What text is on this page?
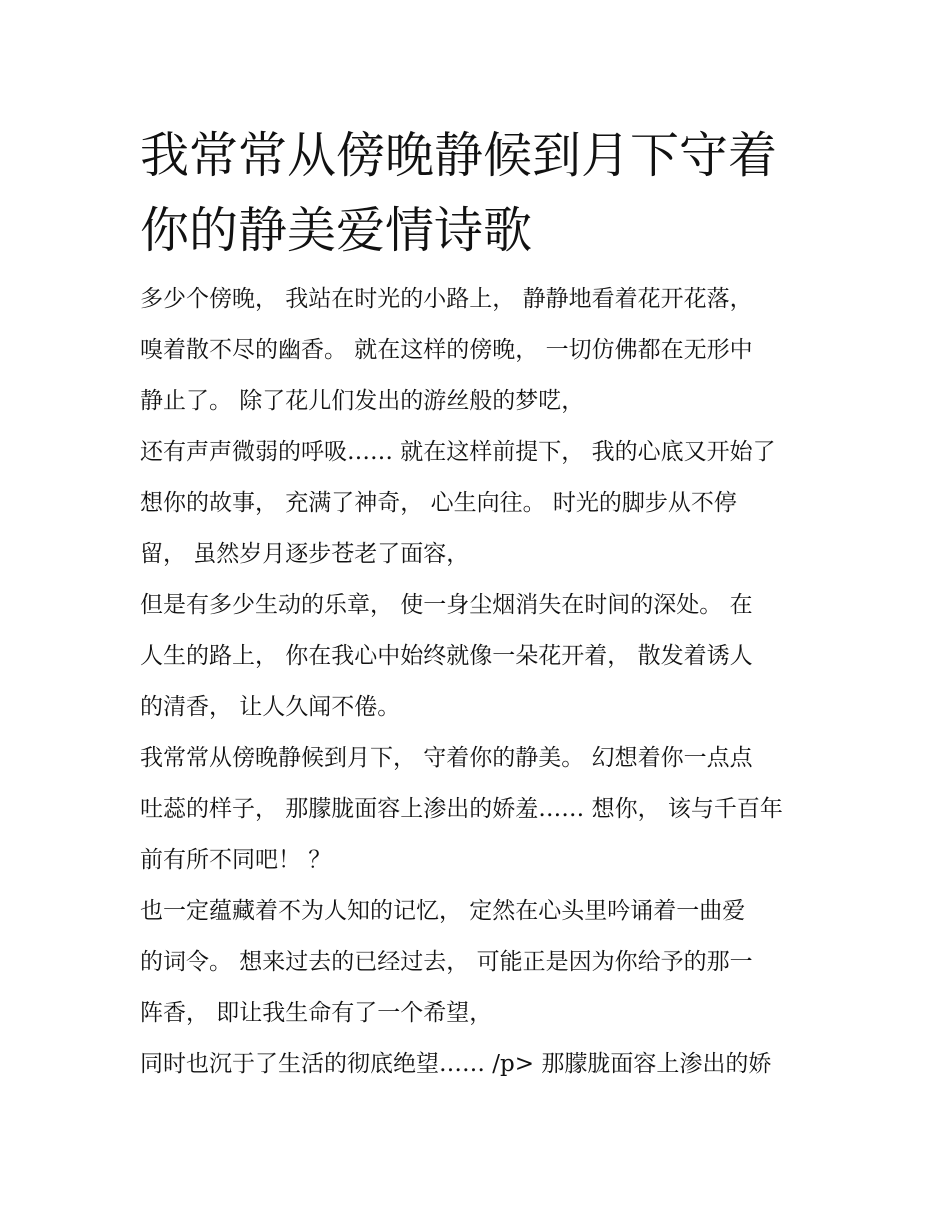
我常常从傍晚静候到月下守着
你的静美爱情诗歌

多少个傍晚， 我站在时光的小路上， 静静地看着花开花落，

嗅着散不尽的幽香。 就在这样的傍晚， 一切仿佛都在无形中

静止了。 除了花儿们发出的游丝般的梦呓，

还有声声微弱的呼吸…… 就在这样前提下， 我的心底又开始了

想你的故事， 充满了神奇， 心生向往。 时光的脚步从不停

留， 虽然岁月逐步苍老了面容，

但是有多少生动的乐章， 使一身尘烟消失在时间的深处。 在

人生的路上， 你在我心中始终就像一朵花开着， 散发着诱人

的清香， 让人久闻不倦。

我常常从傍晚静候到月下， 守着你的静美。 幻想着你一点点

吐蕊的样子， 那朦胧面容上渗出的娇羞…… 想你， 该与千百年

前有所不同吧！ ？

也一定蕴藏着不为人知的记忆， 定然在心头里吟诵着一曲爱

的词令。 想来过去的已经过去， 可能正是因为你给予的那一

阵香， 即让我生命有了一个希望，

同时也沉于了生活的彻底绝望…… /p> 那朦胧面容上渗出的娇
